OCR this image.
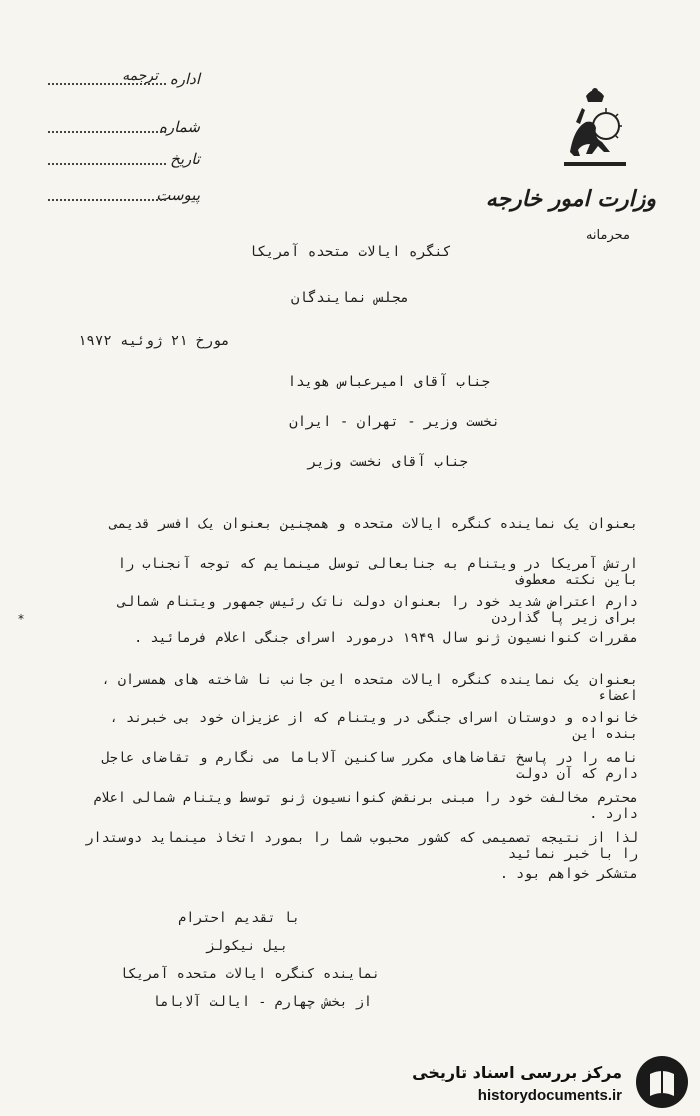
اداره
ترجمه
شماره
تاریخ
پیوست	وزارت امور خارجه
محرمانه
کنگره ایالات متحده آمریکا
مجلس نمایندگان
مورخ ۲۱ ژوئیه ۱۹۷۲
جناب آقای امیرعباس هویدا
نخست وزیر - تهران - ایران
جناب آقای نخست وزیر
بعنوان یک نماینده کنگره ایالات متحده و همچنین بعنوان یک افسر قدیمی
ارتش آمریکا در ویتنام به جنابعالی توسل مینمایم که توجه آنجناب را باین نکته معطوف
دارم اعتراض شدید خود را بعنوان دولت ناتک رئیس جمهور ویتنام شمالی برای زیر پا گذاردن
مقررات کنوانسیون ژنو سال ۱۹۴۹ درمورد اسرای جنگی اعلام فرمائید .
*
بعنوان یک نماینده کنگره ایالات متحده این جانب نا شاخته های همسران ، اعضاء
خانواده و دوستان اسرای جنگی در ویتنام که از عزیزان خود بی خبرند ، بنده این
نامه را در پاسخ تقاضاهای مکرر ساکنین آلاباما می نگارم و تقاضای عاجل دارم که آن دولت
محترم مخالفت خود را مبنی برنقض کنوانسیون ژنو توسط ویتنام شمالی اعلام دارد .
لذا از نتیجه تصمیمی که کشور محبوب شما را بمورد اتخاذ مینماید دوستدار را با خبر نمائید
متشکر خواهم بود .
با تقدیم احترام
بیل نیکولز
نماینده کنگره ایالات متحده آمریکا
از بخش چهارم - ایالت آلاباما
مرکز بررسی اسناد تاریخی
historydocuments.ir
